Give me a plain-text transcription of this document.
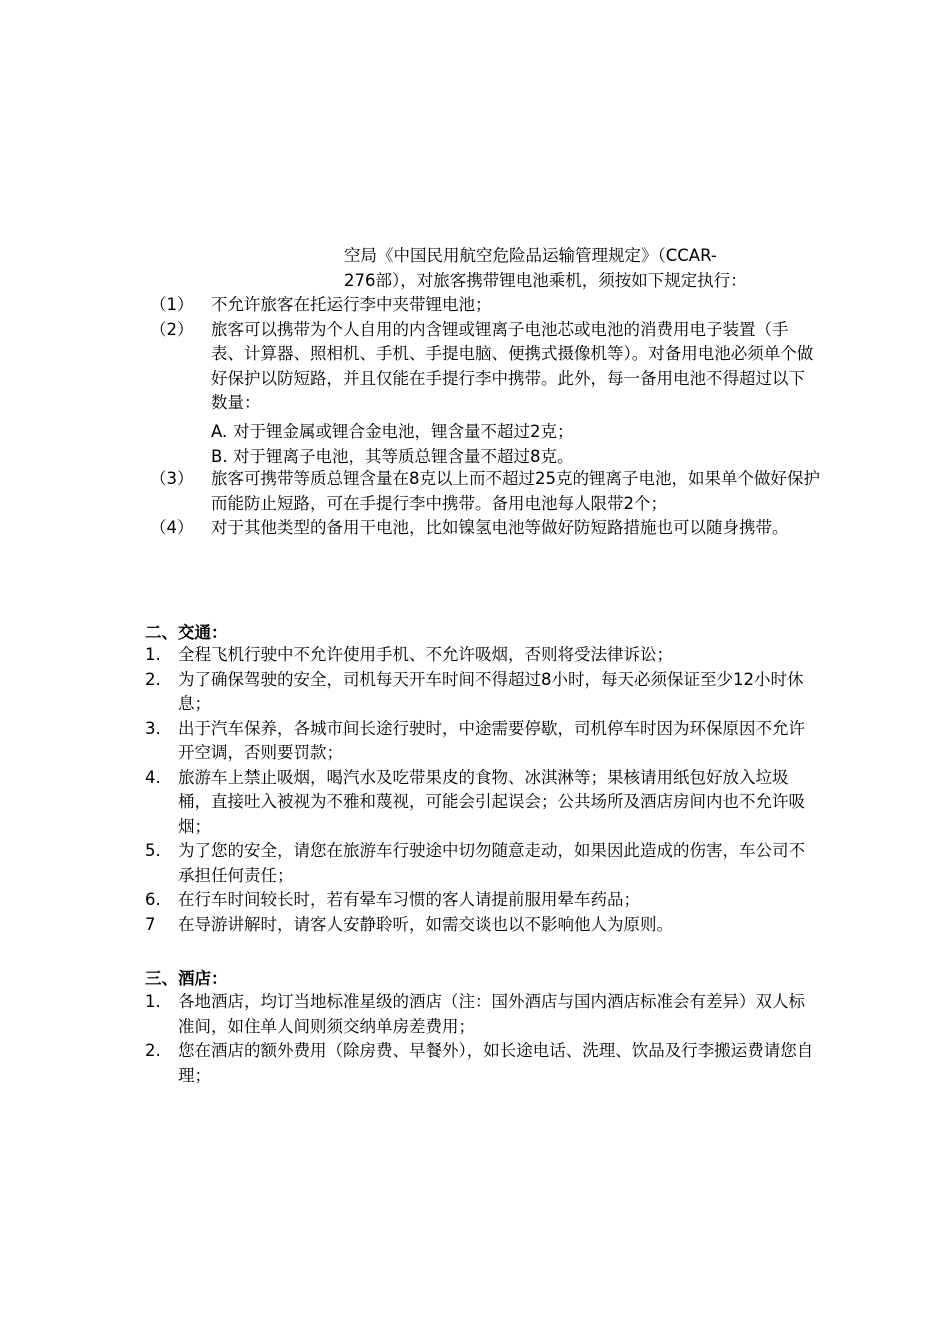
空局《中国民用航空危险品运输管理规定》（CCAR-
276部），对旅客携带锂电池乘机，须按如下规定执行：
（1） 不允许旅客在托运行李中夹带锂电池；
（2） 旅客可以携带为个人自用的内含锂或锂离子电池芯或电池的消费用电子装置（手表、计算器、照相机、手机、手提电脑、便携式摄像机等）。对备用电池必须单个做好保护以防短路，并且仅能在手提行李中携带。此外，每一备用电池不得超过以下数量：
A. 对于锂金属或锂合金电池，锂含量不超过2克；
B. 对于锂离子电池，其等质总锂含量不超过8克。
（3） 旅客可携带等质总锂含量在8克以上而不超过25克的锂离子电池，如果单个做好保护而能防止短路，可在手提行李中携带。备用电池每人限带2个；
（4） 对于其他类型的备用干电池，比如镍氢电池等做好防短路措施也可以随身携带。
二、交通：
1. 全程飞机行驶中不允许使用手机、不允许吸烟，否则将受法律诉讼；
2. 为了确保驾驶的安全，司机每天开车时间不得超过8小时，每天必须保证至少12小时休息；
3. 出于汽车保养，各城市间长途行驶时，中途需要停歇，司机停车时因为环保原因不允许开空调，否则要罚款；
4. 旅游车上禁止吸烟，喝汽水及吃带果皮的食物、冰淇淋等；果核请用纸包好放入垃圾桶，直接吐入被视为不雅和蔑视，可能会引起误会；公共场所及酒店房间内也不允许吸烟；
5. 为了您的安全，请您在旅游车行驶途中切勿随意走动，如果因此造成的伤害，车公司不承担任何责任；
6. 在行车时间较长时，若有晕车习惯的客人请提前服用晕车药品；
7 在导游讲解时，请客人安静聆听，如需交谈也以不影响他人为原则。
三、酒店：
1. 各地酒店，均订当地标准星级的酒店（注：国外酒店与国内酒店标准会有差异）双人标准间，如住单人间则须交纳单房差费用；
2. 您在酒店的额外费用（除房费、早餐外），如长途电话、洗理、饮品及行李搬运费请您自理；
